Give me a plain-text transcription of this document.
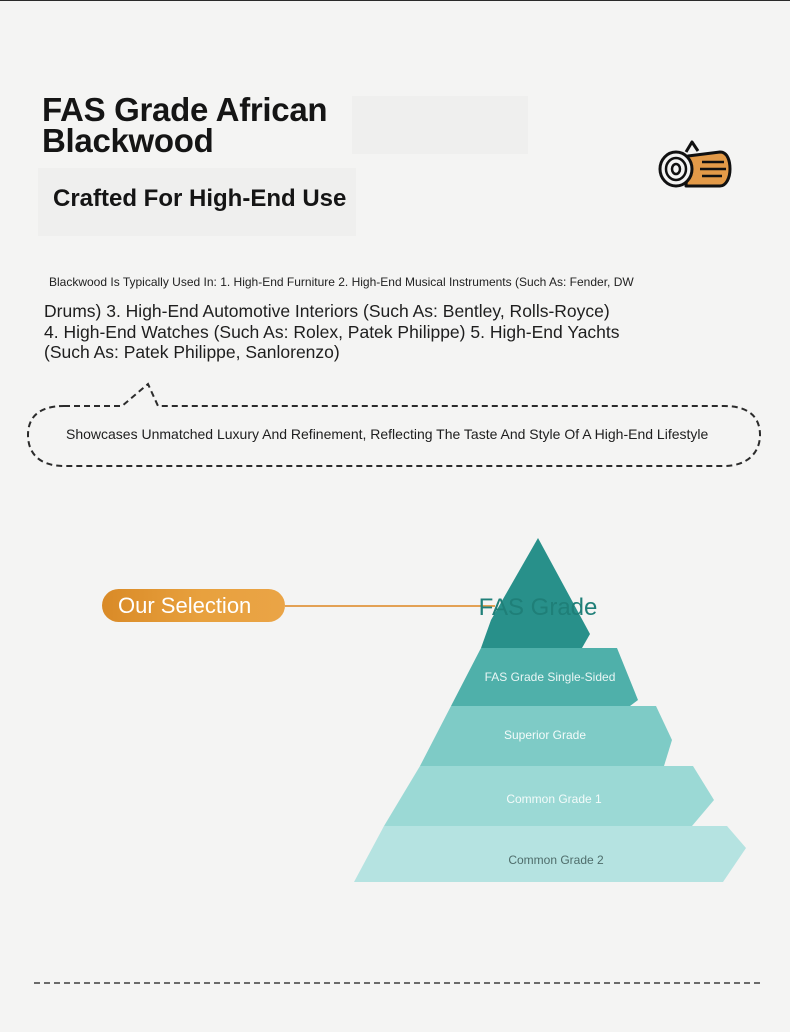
FAS Grade African Blackwood
Crafted For High-End Use
Blackwood Is Typically Used In: 1. High-End Furniture 2. High-End Musical Instruments (Such As: Fender, DW

Drums) 3. High-End Automotive Interiors (Such As: Bentley, Rolls-Royce) 4. High-End Watches (Such As: Rolex, Patek Philippe) 5. High-End Yachts (Such As: Patek Philippe, Sanlorenzo)

Showcases Unmatched Luxury And Refinement, Reflecting The Taste And Style Of A High-End Lifestyle
Our Selection	FAS Grade
FAS Grade Single-Sided
Superior Grade
Common Grade 1
Common Grade 2
